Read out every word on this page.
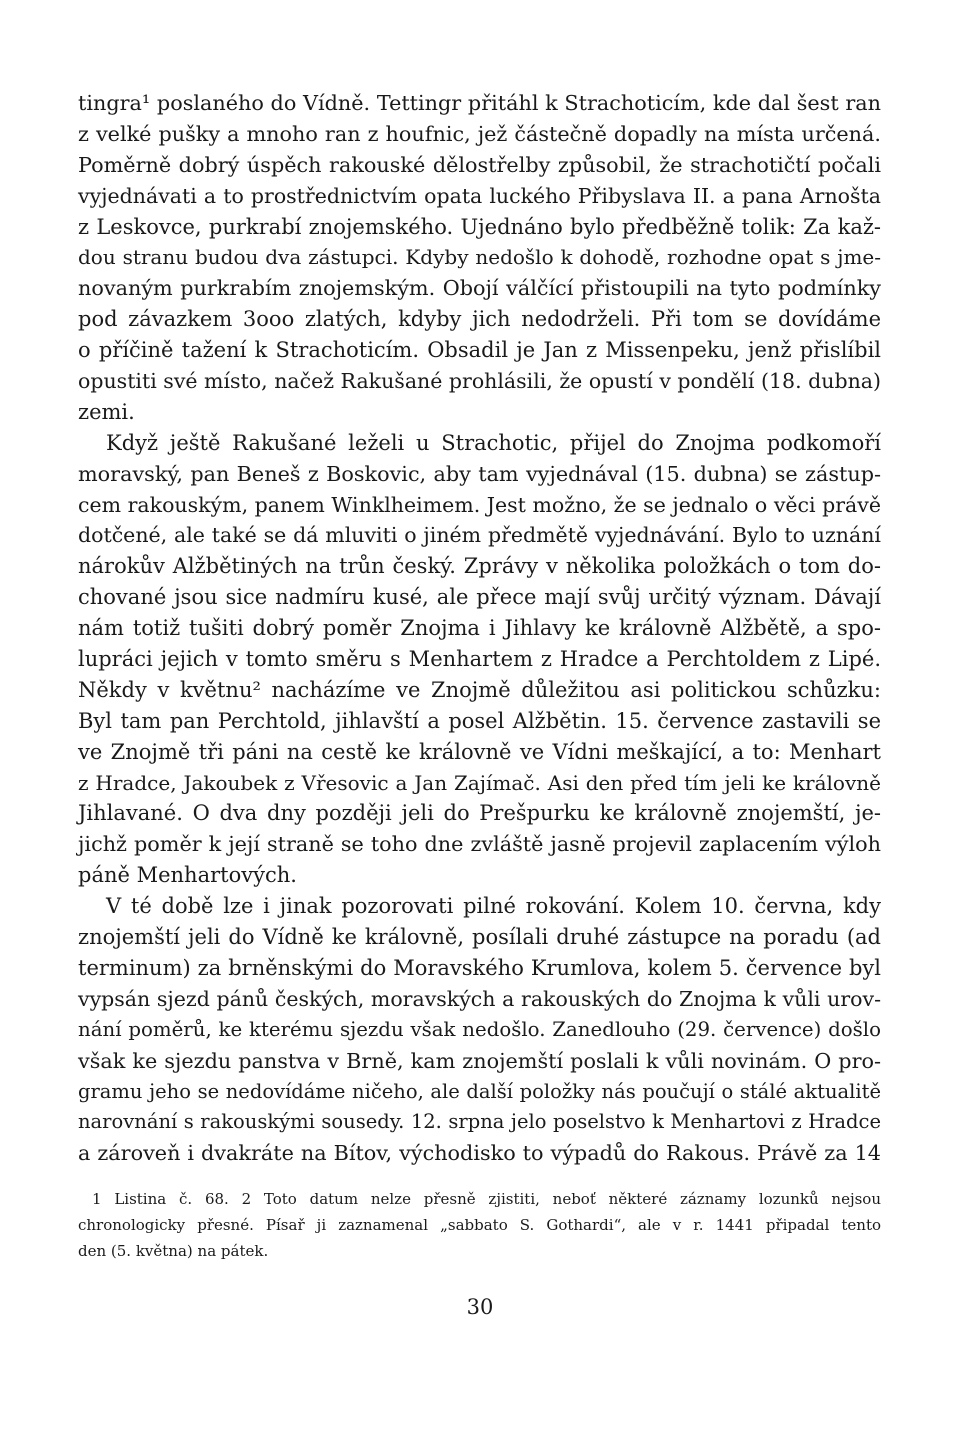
tingra¹ poslaného do Vídně. Tettingr přitáhl k Strachoticím, kde dal šest ran
z velké pušky a mnoho ran z houfnic, jež částečně dopadly na místa určená.
Poměrně dobrý úspěch rakouské dělostřelby způsobil, že strachotičtí počali
vyjednávati a to prostřednictvím opata luckého Přibyslava II. a pana Arnošta
z Leskovce, purkrabí znojemského. Ujednáno bylo předběžně tolik: Za kaž-
dou stranu budou dva zástupci. Kdyby nedošlo k dohodě, rozhodne opat s jme-
novaným purkrabím znojemským. Obojí válčící přistoupili na tyto podmínky
pod závazkem 3ooo zlatých, kdyby jich nedodrželi. Při tom se dovídáme
o příčině tažení k Strachoticím. Obsadil je Jan z Missenpeku, jenž přislíbil
opustiti své místo, načež Rakušané prohlásili, že opustí v pondělí (18. dubna)
zemi.
Když ještě Rakušané leželi u Strachotic, přijel do Znojma podkomoří
moravský, pan Beneš z Boskovic, aby tam vyjednával (15. dubna) se zástup-
cem rakouským, panem Winklheimem. Jest možno, že se jednalo o věci právě
dotčené, ale také se dá mluviti o jiném předmětě vyjednávání. Bylo to uznání
nárokův Alžbětiných na trůn český. Zprávy v několika položkách o tom do-
chované jsou sice nadmíru kusé, ale přece mají svůj určitý význam. Dávají
nám totiž tušiti dobrý poměr Znojma i Jihlavy ke královně Alžbětě, a spo-
lupráci jejich v tomto směru s Menhartem z Hradce a Perchtoldem z Lipé.
Někdy v květnu² nacházíme ve Znojmě důležitou asi politickou schůzku:
Byl tam pan Perchtold, jihlavští a posel Alžbětin. 15. července zastavili se
ve Znojmě tři páni na cestě ke královně ve Vídni meškající, a to: Menhart
z Hradce, Jakoubek z Vřesovic a Jan Zajímač. Asi den před tím jeli ke královně
Jihlavané. O dva dny později jeli do Prešpurku ke královně znojemští, je-
jichž poměr k její straně se toho dne zvláště jasně projevil zaplacením výloh
páně Menhartových.
V té době lze i jinak pozorovati pilné rokování. Kolem 10. června, kdy
znojemští jeli do Vídně ke královně, posílali druhé zástupce na poradu (ad
terminum) za brněnskými do Moravského Krumlova, kolem 5. července byl
vypsán sjezd pánů českých, moravských a rakouských do Znojma k vůli urov-
nání poměrů, ke kterému sjezdu však nedošlo. Zanedlouho (29. července) došlo
však ke sjezdu panstva v Brně, kam znojemští poslali k vůli novinám. O pro-
gramu jeho se nedovídáme ničeho, ale další položky nás poučují o stálé aktualitě
narovnání s rakouskými sousedy. 12. srpna jelo poselstvo k Menhartovi z Hradce
a zároveň i dvakráte na Bítov, východisko to výpadů do Rakous. Právě za 14
1 Listina č. 68. 2 Toto datum nelze přesně zjistiti, neboť některé záznamy lozunků nejsou
chronologicky přesné. Písař ji zaznamenal „sabbato S. Gothardi“, ale v r. 1441 připadal tento
den (5. května) na pátek.
30
